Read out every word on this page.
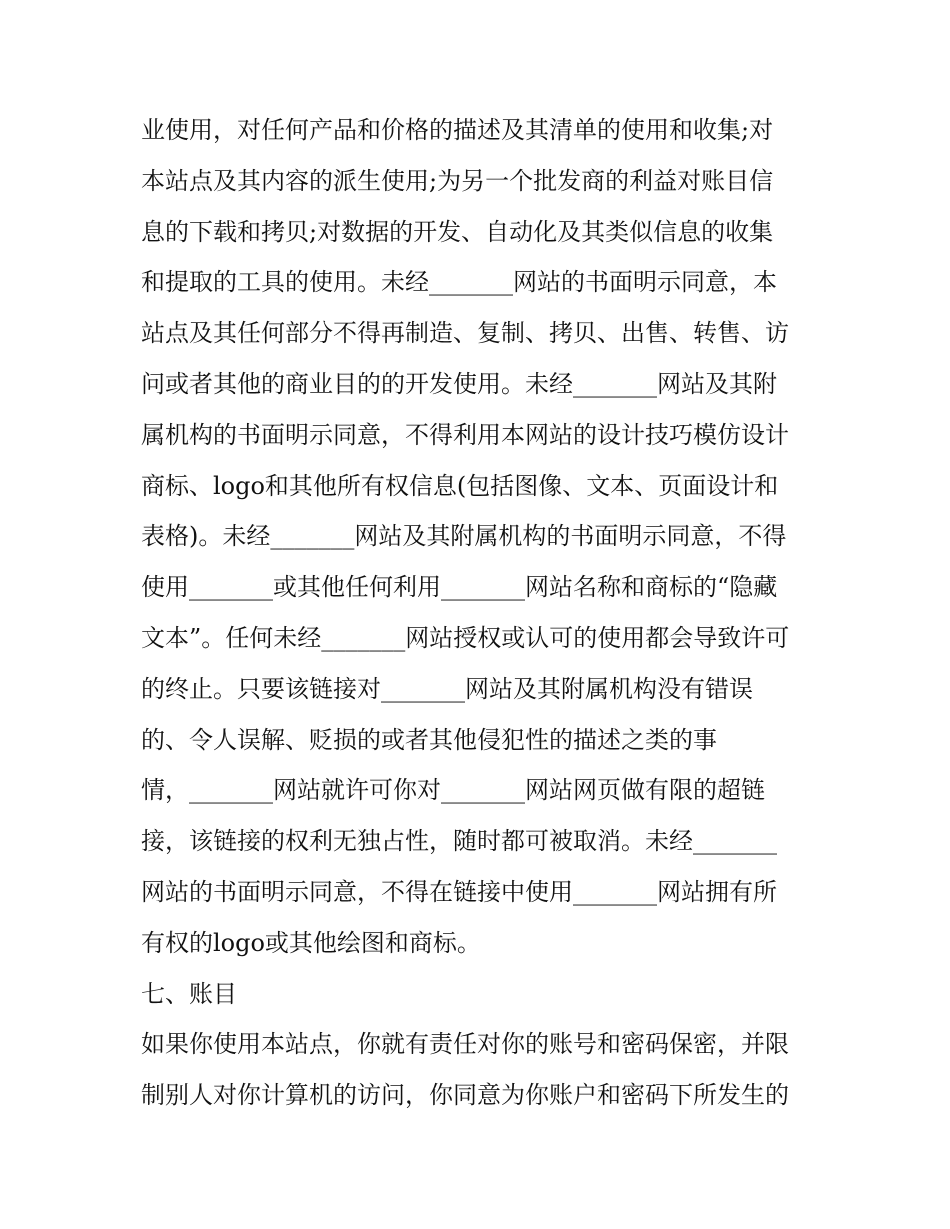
业使用，对任何产品和价格的描述及其清单的使用和收集;对
本站点及其内容的派生使用;为另一个批发商的利益对账目信
息的下载和拷贝;对数据的开发、自动化及其类似信息的收集
和提取的工具的使用。未经_______网站的书面明示同意，本
站点及其任何部分不得再制造、复制、拷贝、出售、转售、访
问或者其他的商业目的的开发使用。未经_______网站及其附
属机构的书面明示同意，不得利用本网站的设计技巧模仿设计
商标、logo和其他所有权信息(包括图像、文本、页面设计和
表格)。未经_______网站及其附属机构的书面明示同意，不得
使用_______或其他任何利用_______网站名称和商标的“隐藏
文本”。任何未经_______网站授权或认可的使用都会导致许可
的终止。只要该链接对_______网站及其附属机构没有错误
的、令人误解、贬损的或者其他侵犯性的描述之类的事
情，_______网站就许可你对_______网站网页做有限的超链
接，该链接的权利无独占性，随时都可被取消。未经_______
网站的书面明示同意，不得在链接中使用_______网站拥有所
有权的logo或其他绘图和商标。
七、账目
如果你使用本站点，你就有责任对你的账号和密码保密，并限
制别人对你计算机的访问，你同意为你账户和密码下所发生的
